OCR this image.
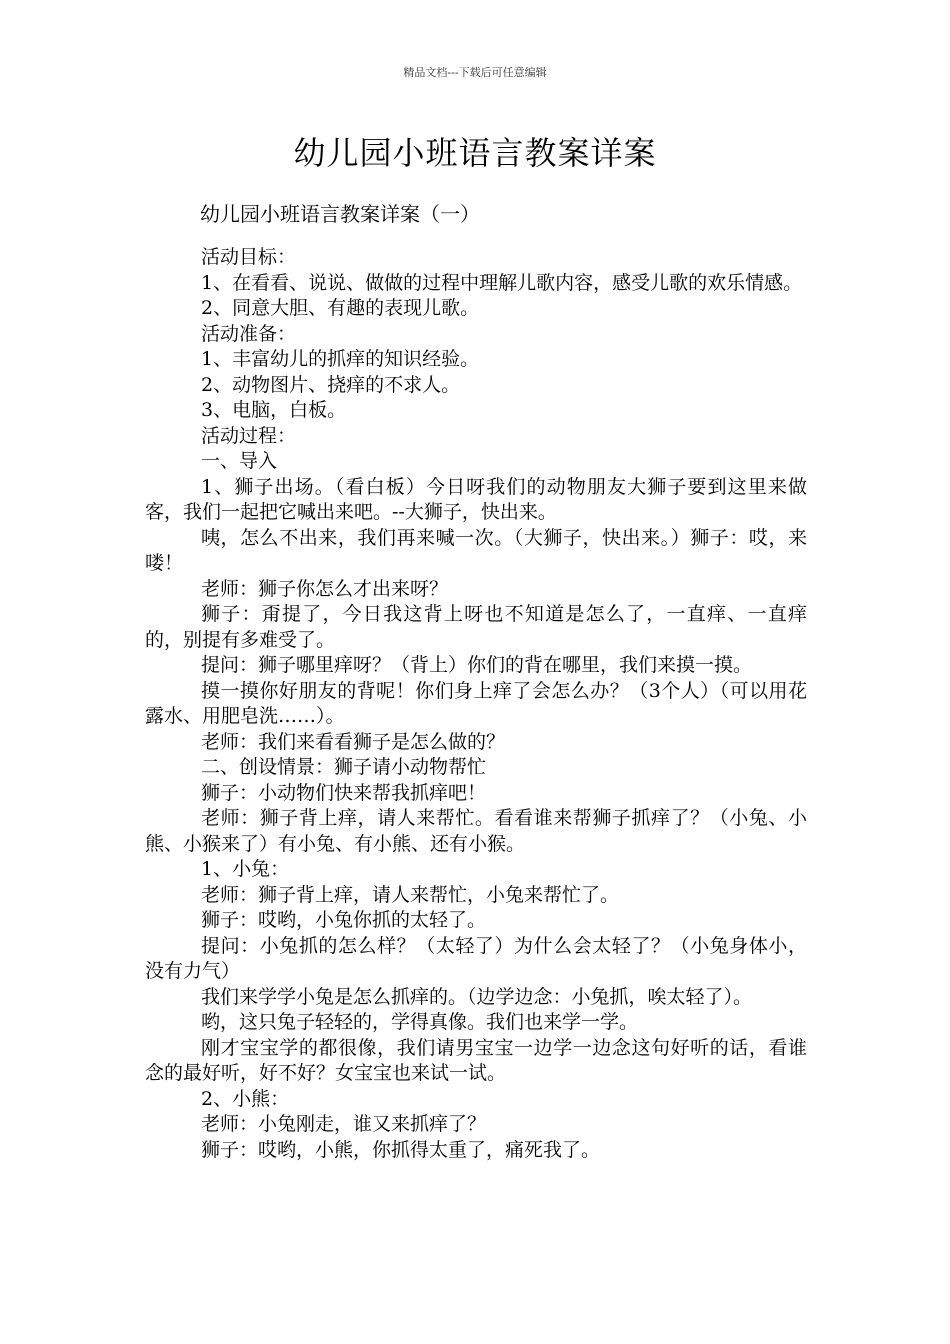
精品文档---下载后可任意编辑
幼儿园小班语言教案详案
幼儿园小班语言教案详案（一）

活动目标：

1、在看看、说说、做做的过程中理解儿歌内容，感受儿歌的欢乐情感。

2、同意大胆、有趣的表现儿歌。

活动准备：

1、丰富幼儿的抓痒的知识经验。

2、动物图片、挠痒的不求人。

3、电脑，白板。

活动过程：

一、导入

1、狮子出场。（看白板）今日呀我们的动物朋友大狮子要到这里来做客，我们一起把它喊出来吧。--大狮子，快出来。

咦，怎么不出来，我们再来喊一次。（大狮子，快出来。）狮子：哎，来喽！

老师：狮子你怎么才出来呀？

狮子：甭提了，今日我这背上呀也不知道是怎么了，一直痒、一直痒的，别提有多难受了。

提问：狮子哪里痒呀？（背上）你们的背在哪里，我们来摸一摸。

摸一摸你好朋友的背呢！你们身上痒了会怎么办？（3个人）（可以用花露水、用肥皂洗……）。

老师：我们来看看狮子是怎么做的？

二、创设情景：狮子请小动物帮忙

狮子：小动物们快来帮我抓痒吧！

老师：狮子背上痒，请人来帮忙。看看谁来帮狮子抓痒了？（小兔、小熊、小猴来了）有小兔、有小熊、还有小猴。

1、小兔：

老师：狮子背上痒，请人来帮忙，小兔来帮忙了。

狮子：哎哟，小兔你抓的太轻了。

提问：小兔抓的怎么样？（太轻了）为什么会太轻了？（小兔身体小，没有力气）

我们来学学小兔是怎么抓痒的。（边学边念：小兔抓，唉太轻了）。

哟，这只兔子轻轻的，学得真像。我们也来学一学。

刚才宝宝学的都很像，我们请男宝宝一边学一边念这句好听的话，看谁念的最好听，好不好？女宝宝也来试一试。

2、小熊：

老师：小兔刚走，谁又来抓痒了？

狮子：哎哟，小熊，你抓得太重了，痛死我了。
